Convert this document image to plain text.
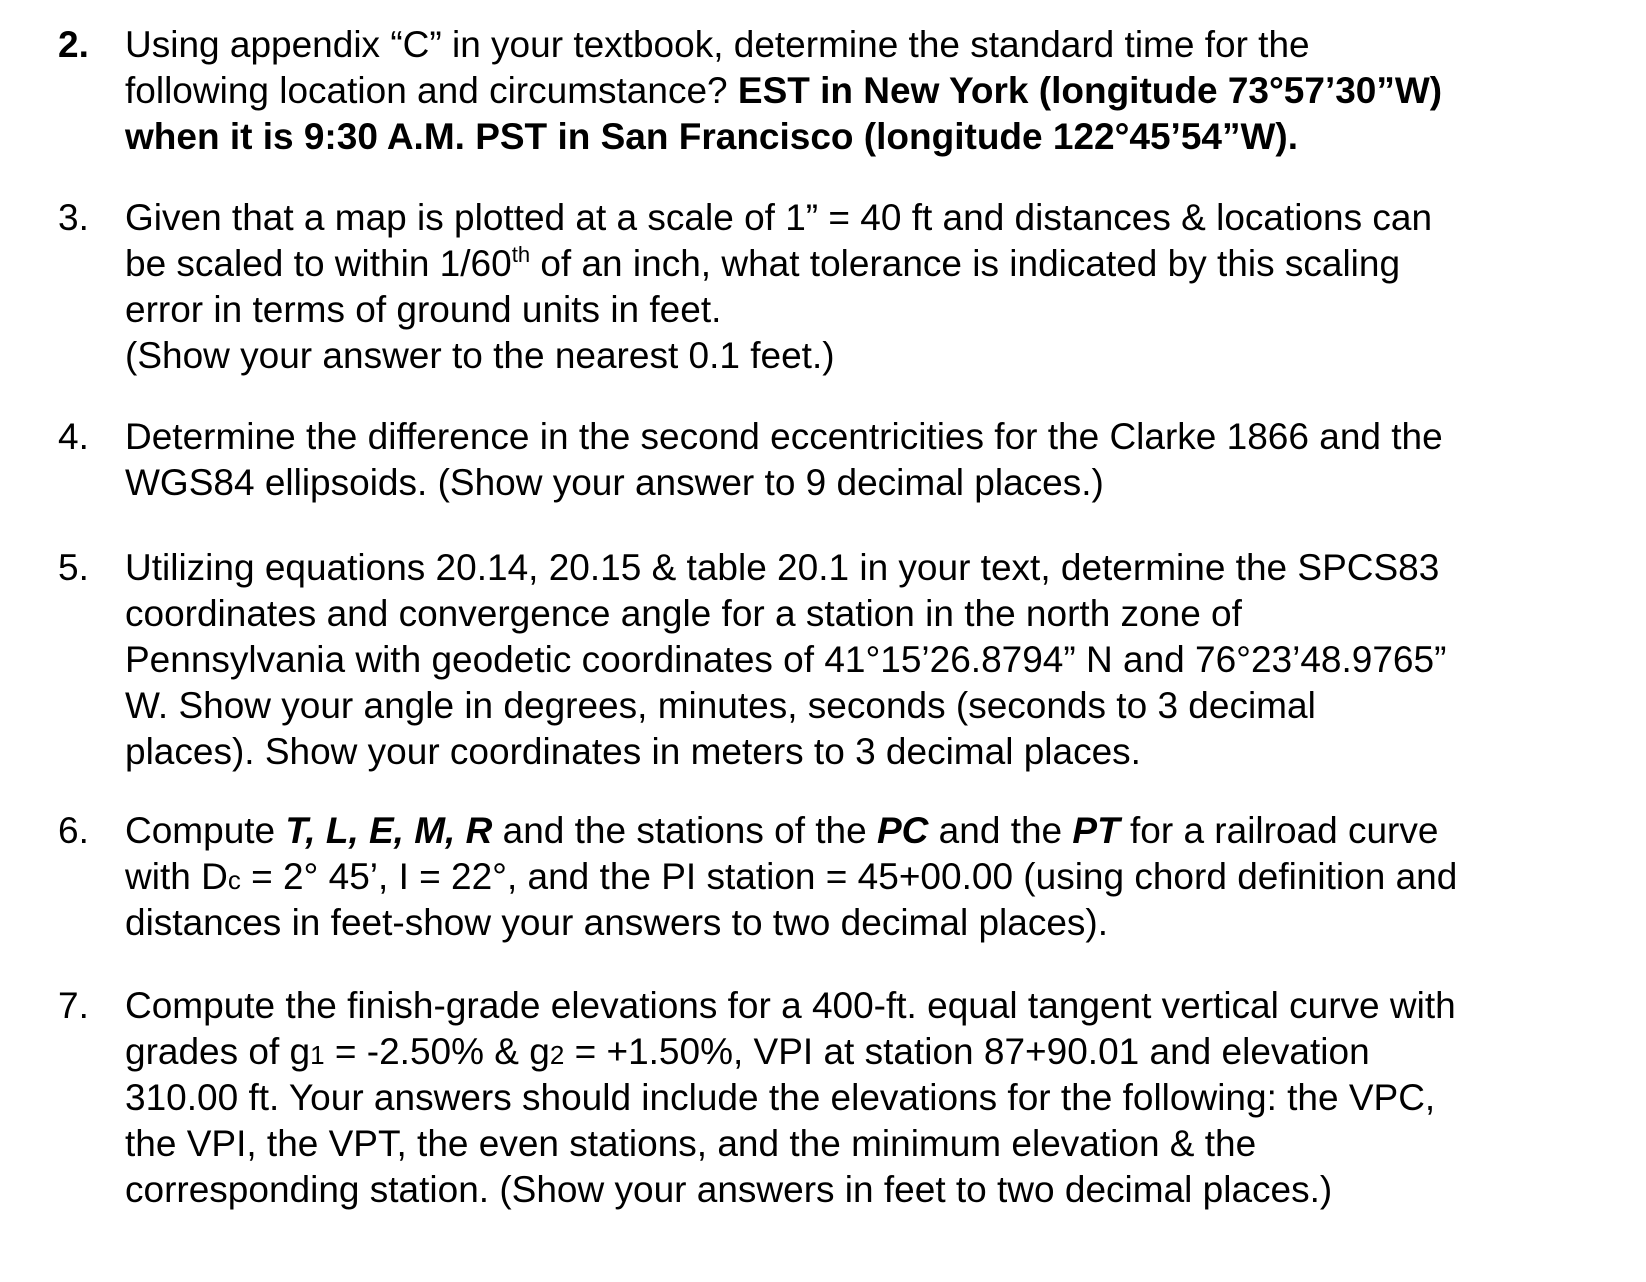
2. Using appendix “C” in your textbook, determine the standard time for the
following location and circumstance? EST in New York (longitude 73°57’30”W)
when it is 9:30 A.M. PST in San Francisco (longitude 122°45’54”W).
3. Given that a map is plotted at a scale of 1” = 40 ft and distances & locations can
be scaled to within 1/60th of an inch, what tolerance is indicated by this scaling
error in terms of ground units in feet.
(Show your answer to the nearest 0.1 feet.)
4. Determine the difference in the second eccentricities for the Clarke 1866 and the
WGS84 ellipsoids. (Show your answer to 9 decimal places.)
5. Utilizing equations 20.14, 20.15 & table 20.1 in your text, determine the SPCS83
coordinates and convergence angle for a station in the north zone of
Pennsylvania with geodetic coordinates of 41°15’26.8794” N and 76°23’48.9765”
W. Show your angle in degrees, minutes, seconds (seconds to 3 decimal
places). Show your coordinates in meters to 3 decimal places.
6. Compute T, L, E, M, R and the stations of the PC and the PT for a railroad curve
with Dc = 2° 45’, I = 22°, and the PI station = 45+00.00 (using chord definition and
distances in feet-show your answers to two decimal places).
7. Compute the finish-grade elevations for a 400-ft. equal tangent vertical curve with
grades of g1 = -2.50% & g2 = +1.50%, VPI at station 87+90.01 and elevation
310.00 ft. Your answers should include the elevations for the following: the VPC,
the VPI, the VPT, the even stations, and the minimum elevation & the
corresponding station. (Show your answers in feet to two decimal places.)
